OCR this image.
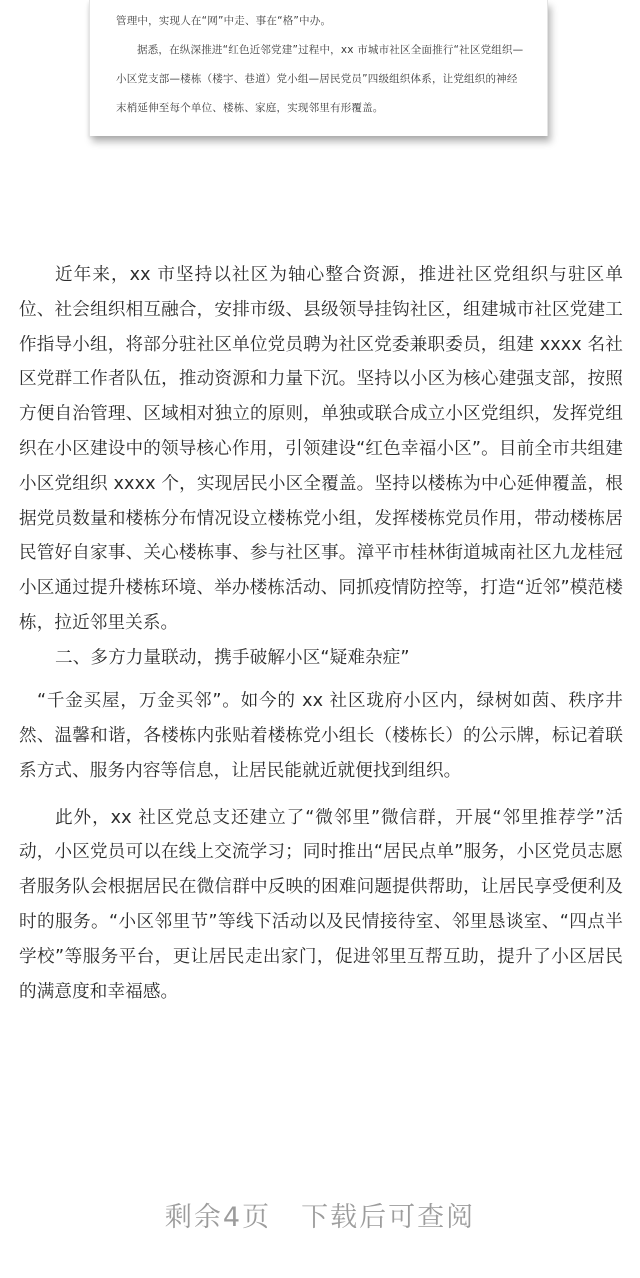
管理中，实现人在“网”中走、事在“格”中办。

据悉，在纵深推进“红色近邻党建”过程中，xx 市城市社区全面推行“社区党组织—小区党支部—楼栋（楼宇、巷道）党小组—居民党员”四级组织体系，让党组织的神经末梢延伸至每个单位、楼栋、家庭，实现邻里有形覆盖。

近年来，xx 市坚持以社区为轴心整合资源，推进社区党组织与驻区单位、社会组织相互融合，安排市级、县级领导挂钩社区，组建城市社区党建工作指导小组，将部分驻社区单位党员聘为社区党委兼职委员，组建 xxxx 名社区党群工作者队伍，推动资源和力量下沉。坚持以小区为核心建强支部，按照方便自治管理、区域相对独立的原则，单独或联合成立小区党组织，发挥党组织在小区建设中的领导核心作用，引领建设“红色幸福小区”。目前全市共组建小区党组织 xxxx 个，实现居民小区全覆盖。坚持以楼栋为中心延伸覆盖，根据党员数量和楼栋分布情况设立楼栋党小组，发挥楼栋党员作用，带动楼栋居民管好自家事、关心楼栋事、参与社区事。漳平市桂林街道城南社区九龙桂冠小区通过提升楼栋环境、举办楼栋活动、同抓疫情防控等，打造“近邻”模范楼栋，拉近邻里关系。

二、多方力量联动，携手破解小区“疑难杂症”

“千金买屋，万金买邻”。如今的 xx 社区珑府小区内，绿树如茵、秩序井然、温馨和谐，各楼栋内张贴着楼栋党小组长（楼栋长）的公示牌，标记着联系方式、服务内容等信息，让居民能就近就便找到组织。

此外，xx 社区党总支还建立了“微邻里”微信群，开展“邻里推荐学”活动，小区党员可以在线上交流学习；同时推出“居民点单”服务，小区党员志愿者服务队会根据居民在微信群中反映的困难问题提供帮助，让居民享受便利及时的服务。“小区邻里节”等线下活动以及民情接待室、邻里恳谈室、“四点半学校”等服务平台，更让居民走出家门，促进邻里互帮互助，提升了小区居民的满意度和幸福感。

剩余4页 下载后可查阅
